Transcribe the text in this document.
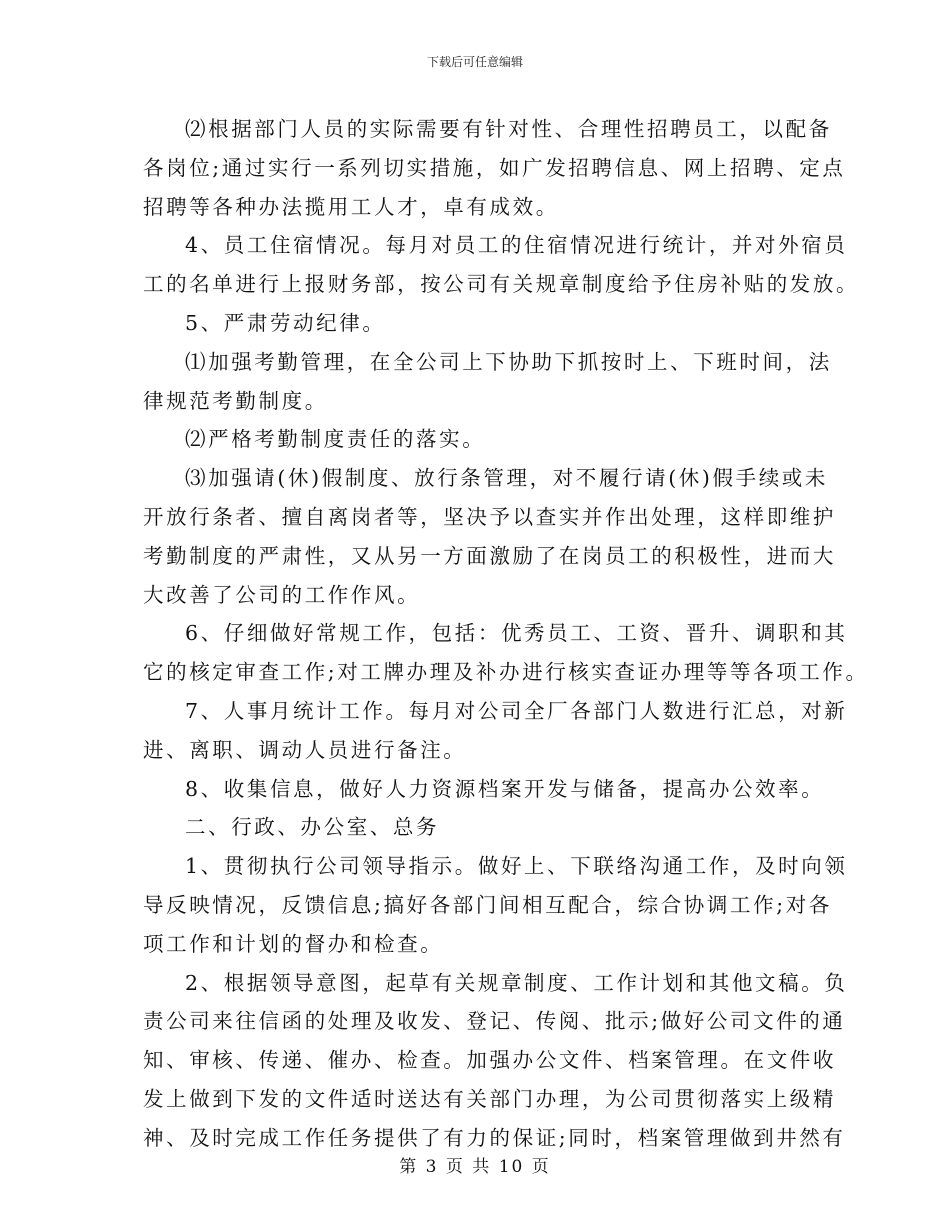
下载后可任意编辑
⑵根据部门人员的实际需要有针对性、合理性招聘员工，以配备
各岗位;通过实行一系列切实措施，如广发招聘信息、网上招聘、定点
招聘等各种办法揽用工人才，卓有成效。
4、员工住宿情况。每月对员工的住宿情况进行统计，并对外宿员
工的名单进行上报财务部，按公司有关规章制度给予住房补贴的发放。
5、严肃劳动纪律。
⑴加强考勤管理，在全公司上下协助下抓按时上、下班时间，法
律规范考勤制度。
⑵严格考勤制度责任的落实。
⑶加强请(休)假制度、放行条管理，对不履行请(休)假手续或未
开放行条者、擅自离岗者等，坚决予以查实并作出处理，这样即维护
考勤制度的严肃性，又从另一方面激励了在岗员工的积极性，进而大
大改善了公司的工作作风。
6、仔细做好常规工作，包括：优秀员工、工资、晋升、调职和其
它的核定审查工作;对工牌办理及补办进行核实查证办理等等各项工作。
7、人事月统计工作。每月对公司全厂各部门人数进行汇总，对新
进、离职、调动人员进行备注。
8、收集信息，做好人力资源档案开发与储备，提高办公效率。
二、行政、办公室、总务
1、贯彻执行公司领导指示。做好上、下联络沟通工作，及时向领
导反映情况，反馈信息;搞好各部门间相互配合，综合协调工作;对各
项工作和计划的督办和检查。
2、根据领导意图，起草有关规章制度、工作计划和其他文稿。负
责公司来往信函的处理及收发、登记、传阅、批示;做好公司文件的通
知、审核、传递、催办、检查。加强办公文件、档案管理。在文件收
发上做到下发的文件适时送达有关部门办理，为公司贯彻落实上级精
神、及时完成工作任务提供了有力的保证;同时，档案管理做到井然有
第 3 页 共 10 页
